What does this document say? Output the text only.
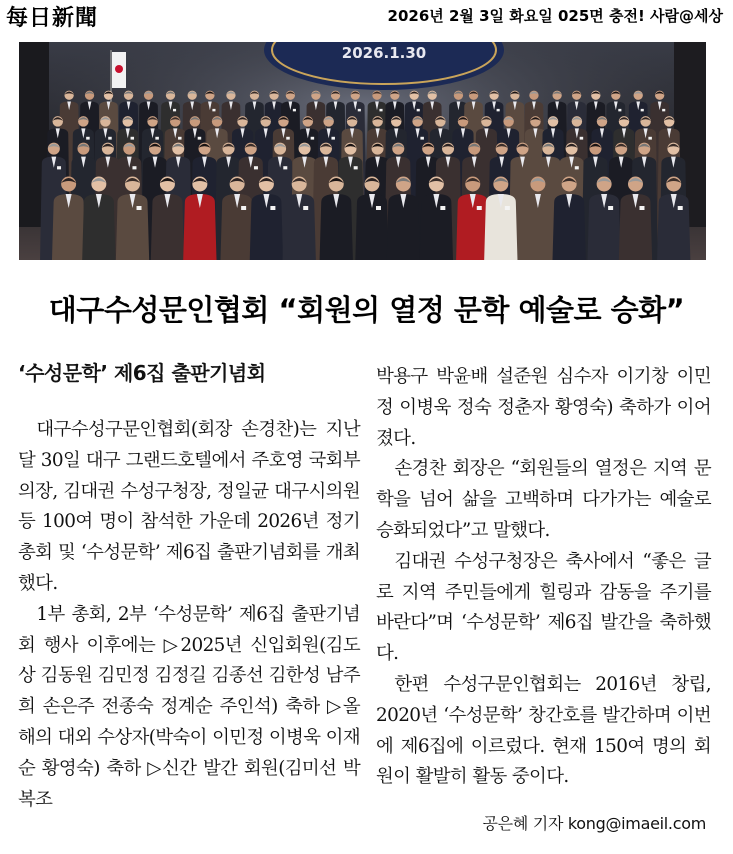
每日新聞	2026년 2월 3일 화요일 025면 충전! 사람@세상
2026.1.30
대구수성문인협회 “회원의 열정 문학 예술로 승화”
‘수성문학’ 제6집 출판기념회

대구수성구문인협회(회장 손경찬)는 지난달 30일 대구 그랜드호텔에서 주호영 국회부의장, 김대권 수성구청장, 정일균 대구시의원 등 100여 명이 참석한 가운데 2026년 정기총회 및 ‘수성문학’ 제6집 출판기념회를 개최했다.

1부 총회, 2부 ‘수성문학’ 제6집 출판기념회 행사 이후에는 ▷2025년 신입회원(김도상 김동원 김민정 김정길 김종선 김한성 남주희 손은주 전종숙 정계순 주인석) 축하 ▷올해의 대외 수상자(박숙이 이민정 이병욱 이재순 황영숙) 축하 ▷신간 발간 회원(김미선 박복조

박용구 박윤배 설준원 심수자 이기창 이민정 이병욱 정숙 정춘자 황영숙) 축하가 이어졌다.

손경찬 회장은 “회원들의 열정은 지역 문학을 넘어 삶을 고백하며 다가가는 예술로 승화되었다”고 말했다.

김대권 수성구청장은 축사에서 “좋은 글로 지역 주민들에게 힐링과 감동을 주기를 바란다”며 ‘수성문학’ 제6집 발간을 축하했다.

한편 수성구문인협회는 2016년 창립, 2020년 ‘수성문학’ 창간호를 발간하며 이번에 제6집에 이르렀다. 현재 150여 명의 회원이 활발히 활동 중이다.

공은혜 기자 kong@imaeil.com
